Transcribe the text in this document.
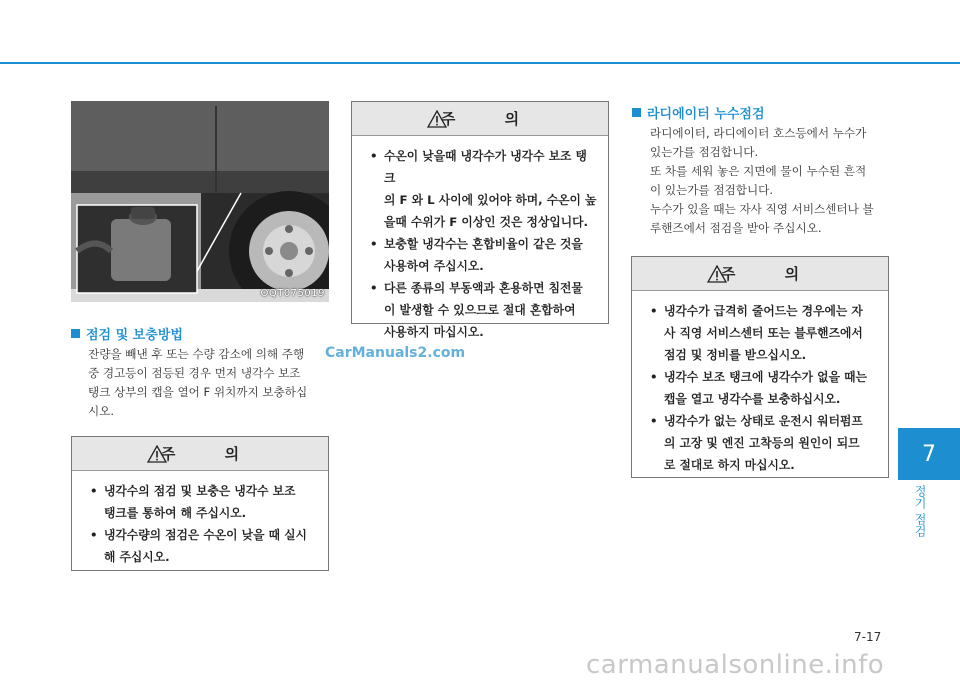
OQT075019
점검 및 보충방법

잔량을 빼낸 후 또는 수량 감소에 의해 주행

중 경고등이 점등된 경우 먼저 냉각수 보조

탱크 상부의 캡을 열어 F 위치까지 보충하십

시오.

주 의
• 냉각수의 점검 및 보충은 냉각수 보조
탱크를 통하여 해 주십시오.
• 냉각수량의 점검은 수온이 낮을 때 실시
해 주십시오.
주 의
• 수온이 낮을때 냉각수가 냉각수 보조 탱크
의 F 와 L 사이에 있어야 하며, 수온이 높
을때 수위가 F 이상인 것은 정상입니다.
• 보충할 냉각수는 혼합비율이 같은 것을
사용하여 주십시오.
• 다른 종류의 부동액과 혼용하면 침전물
이 발생할 수 있으므로 절대 혼합하여
사용하지 마십시오.
라디에이터 누수점검

라디에이터, 라디에이터 호스등에서 누수가

있는가를 점검합니다.

또 차를 세워 놓은 지면에 물이 누수된 흔적

이 있는가를 점검합니다.

누수가 있을 때는 자사 직영 서비스센터나 블

루핸즈에서 점검을 받아 주십시오.

주 의
• 냉각수가 급격히 줄어드는 경우에는 자
사 직영 서비스센터 또는 블루핸즈에서
점검 및 정비를 받으십시오.
• 냉각수 보조 탱크에 냉각수가 없을 때는
캡을 열고 냉각수를 보충하십시오.
• 냉각수가 없는 상태로 운전시 워터펌프
의 고장 및 엔진 고착등의 원인이 되므
로 절대로 하지 마십시오.	7
정기 점검
7-17
CarManuals2.com
carmanualsonline.info
